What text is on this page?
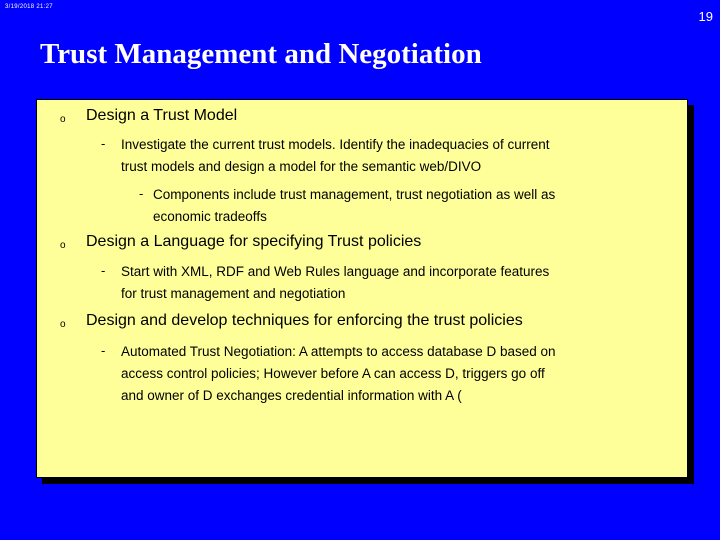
3/19/2018 21:27
19
Trust Management and Negotiation
o Design a Trust Model
- Investigate the current trust models. Identify the inadequacies of current
trust models and design a model for the semantic web/DIVO
- Components include trust management, trust negotiation as well as
economic tradeoffs
o Design a Language for specifying Trust policies
- Start with XML, RDF and Web Rules language and incorporate features
for trust management and negotiation
o Design and develop techniques for enforcing the trust policies
- Automated Trust Negotiation: A attempts to access database D based on
access control policies; However before A can access D, triggers go off
and owner of D exchanges credential information with A (
